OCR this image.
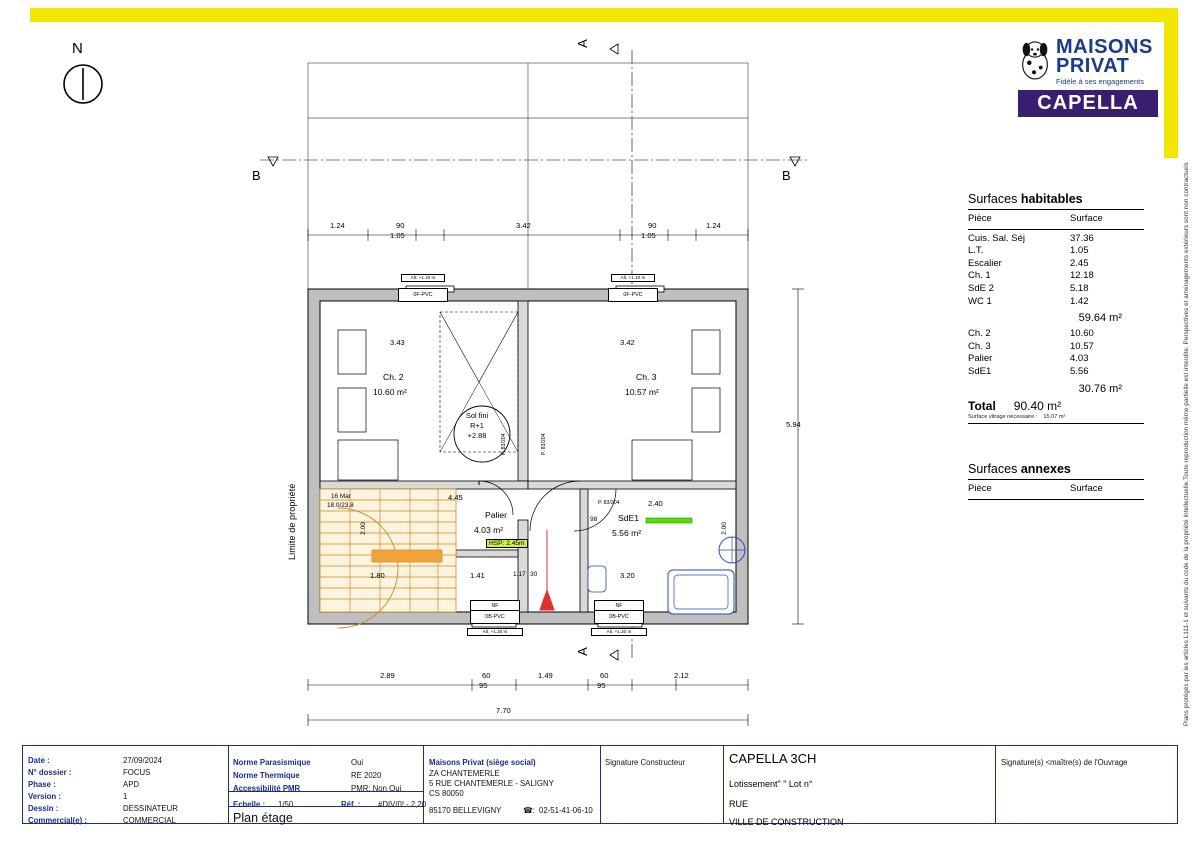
Plans protégés par les articles L111-1 et suivants du code de la propriété Intellectuelle.Toute reproduction même partielle est interdite. Perspectives et aménagements extérieurs sont non contractuels
N	MAISONS
PRIVAT
Fidèle à ses engagements
CAPELLA
Surfaces habitables
Pièce	Surface
Cuis. Sal. Séj	37.36
L.T.	1.05
Escalier	2.45
Ch. 1	12.18
SdE 2	5.18
WC 1	1.42
59.64 m²
Ch. 2	10.60
Ch. 3	10.57
Palier	4.03
SdE1	5.56
30.76 m²
Total 90.40 m²
Surface vitrage nécessaire : 15.07 m²
Surfaces annexes
Pièce	Surface
A
A
B	B
Limite de propriété
1.24	90
1.05
3.42	90
1.05
1.24
2.89	60
95
1.49	60
95
2.12
7.70
5.94
3.43	3.42
4.45
1.41
1.80	3.20
2.40
1.17 30
98
2.00	2.00
Ch. 2
10.60 m²
Ch. 3
10.57 m²
Palier
4.03 m²
SdE1
5.56 m²
Sol fini
R+1
+2.88
HSP: 2.45m
16 Mar
18.0/23.8
P. 83/204	P. 83/204
P. 83/204
Alt. +1.10 m
0F-PVC
Alt. +1.10 m
0F-PVC
NF
0B-PVC
Alt. +1.20 m
NF
0B-PVC
Alt. +1.20 m
Date :	27/09/2024
N° dossier :	FOCUS
Phase :	APD
Version :	1
Dessin :	DESSINATEUR
Commercial(e) :	COMMERCIAL
Norme Parasismique	Oui
Norme Thermique	RE 2020
Accessibilité PMR	PMR: Non Oui
Echelle : 1/50	Réf. : #DIV/0! - 2,20
Plan étage
Maisons Privat (siège social)
ZA CHANTEMERLE
5 RUE CHANTEMERLE - SALIGNY
CS 80050
85170 BELLEVIGNY	☎: 02-51-41-06-10
Signature Constructeur	CAPELLA 3CH
Lotissement" " Lot n°
RUE
VILLE DE CONSTRUCTION
Signature(s) <maître(s) de l'Ouvrage
